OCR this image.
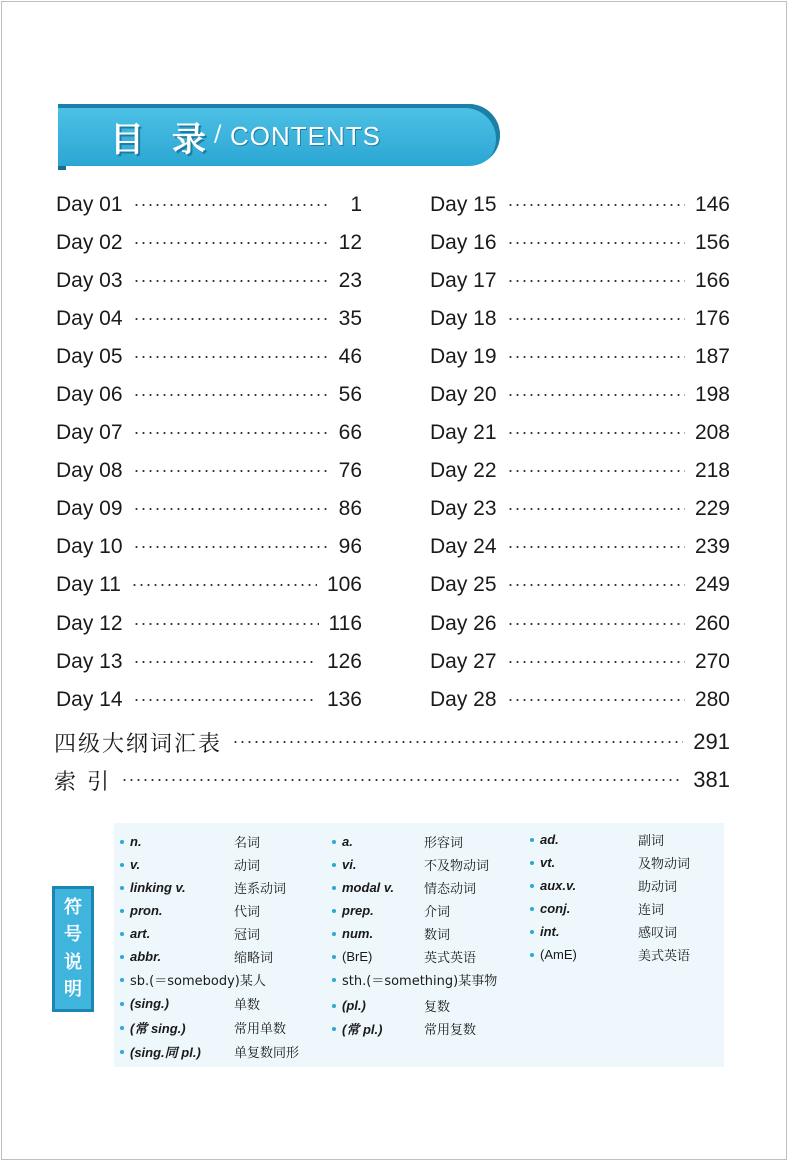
目 录 / CONTENTS
Day 01	1
Day 02	12
Day 03	23
Day 04	35
Day 05	46
Day 06	56
Day 07	66
Day 08	76
Day 09	86
Day 10	96
Day 11	106
Day 12	116
Day 13	126
Day 14	136
Day 15	146
Day 16	156
Day 17	166
Day 18	176
Day 19	187
Day 20	198
Day 21	208
Day 22	218
Day 23	229
Day 24	239
Day 25	249
Day 26	260
Day 27	270
Day 28	280
四级大纲词汇表	291
索 引	381
符
号
说
明
n.	名词
v.	动词
linking v.	连系动词
pron.	代词
art.	冠词
abbr.	缩略词
a.	形容词
vi.	不及物动词
modal v. 情态动词
prep.	介词
num.	数词
(BrE)	英式英语
ad.	副词
vt.	及物动词
aux.v.	助动词
conj.	连词
int.	感叹词
(AmE)	美式英语
sb.(＝somebody)某人	sth.(＝something)某事物
(sing.)	单数
(常 sing.)	常用单数
(sing.同 pl.)	单复数同形
(pl.)	复数
(常 pl.)	常用复数
